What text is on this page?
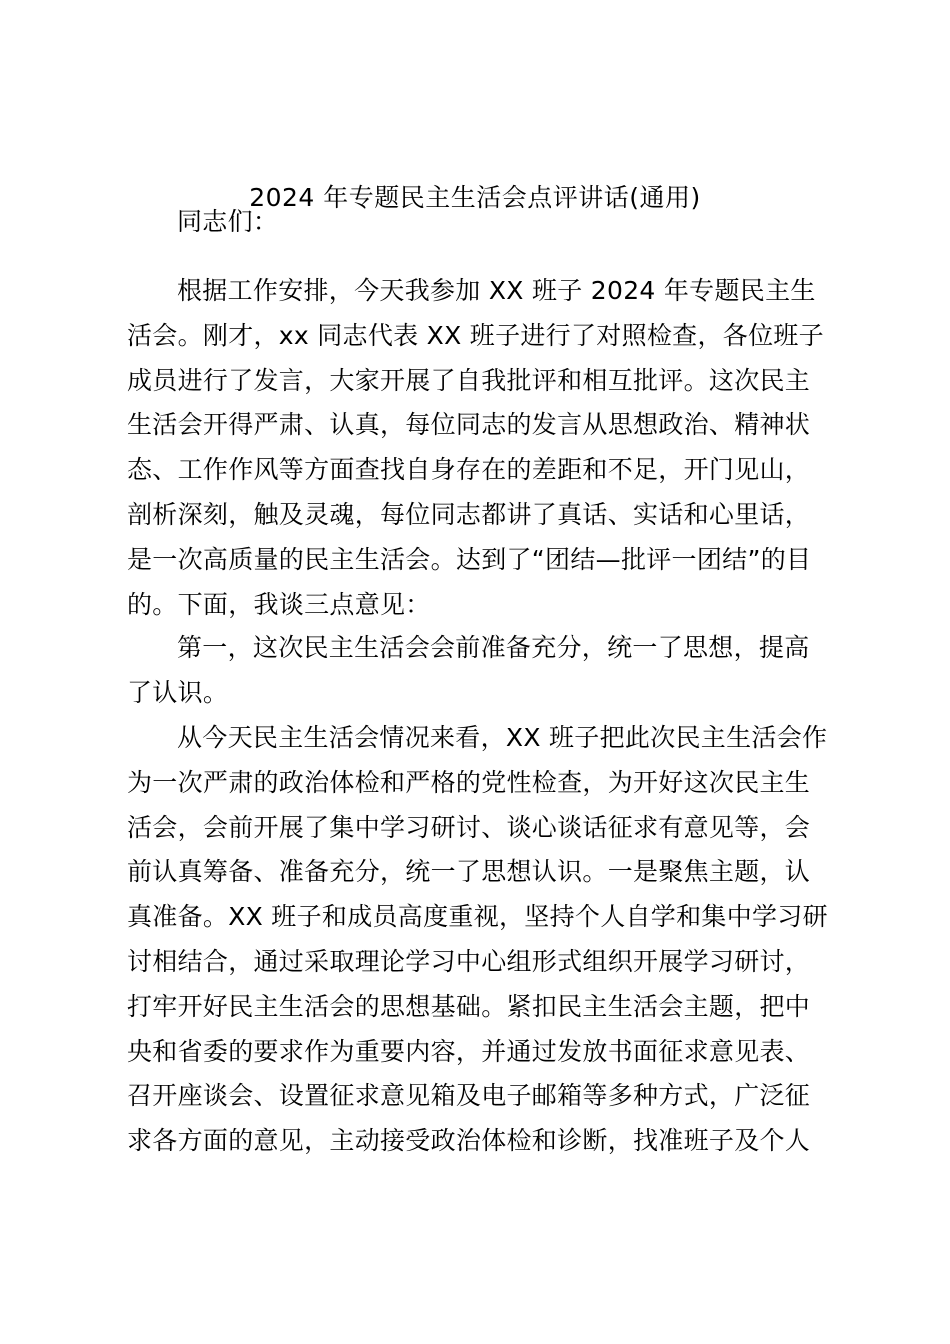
2024 年专题民主生活会点评讲话(通用)
同志们：
根据工作安排，今天我参加 XX 班子 2024 年专题民主生
活会。刚才，xx 同志代表 XX 班子进行了对照检查，各位班子
成员进行了发言，大家开展了自我批评和相互批评。这次民主
生活会开得严肃、认真，每位同志的发言从思想政治、精神状
态、工作作风等方面查找自身存在的差距和不足，开门见山，
剖析深刻，触及灵魂，每位同志都讲了真话、实话和心里话，
是一次高质量的民主生活会。达到了“团结—批评一团结”的目
的。下面，我谈三点意见：
第一，这次民主生活会会前准备充分，统一了思想，提高
了认识。
从今天民主生活会情况来看，XX 班子把此次民主生活会作
为一次严肃的政治体检和严格的党性检查，为开好这次民主生
活会，会前开展了集中学习研讨、谈心谈话征求有意见等，会
前认真筹备、准备充分，统一了思想认识。一是聚焦主题，认
真准备。XX 班子和成员高度重视，坚持个人自学和集中学习研
讨相结合，通过采取理论学习中心组形式组织开展学习研讨，
打牢开好民主生活会的思想基础。紧扣民主生活会主题，把中
央和省委的要求作为重要内容，并通过发放书面征求意见表、
召开座谈会、设置征求意见箱及电子邮箱等多种方式，广泛征
求各方面的意见，主动接受政治体检和诊断，找准班子及个人
